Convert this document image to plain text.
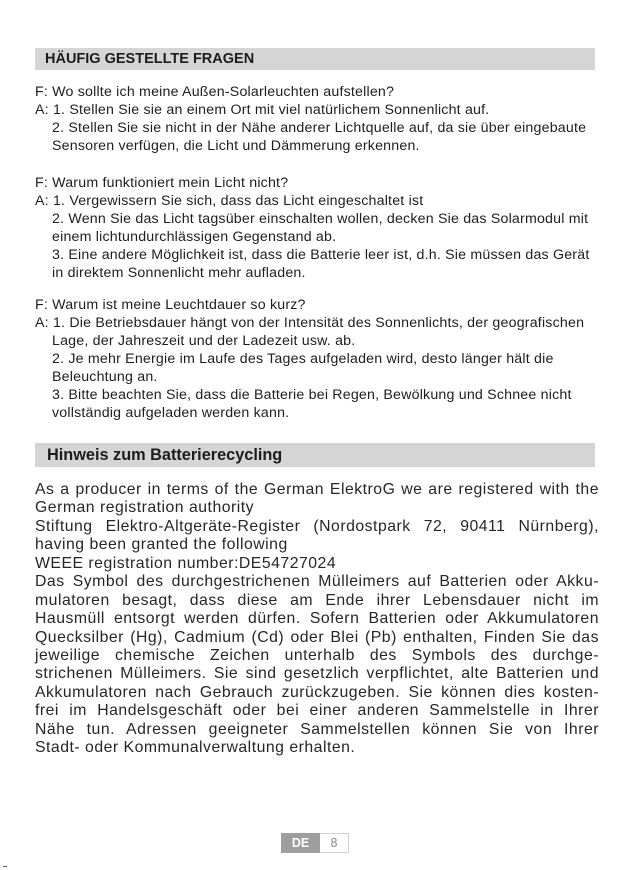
HÄUFIG GESTELLTE FRAGEN
F: Wo sollte ich meine Außen-Solarleuchten aufstellen?
A: 1. Stellen Sie sie an einem Ort mit viel natürlichem Sonnenlicht auf.
2. Stellen Sie sie nicht in der Nähe anderer Lichtquelle auf, da sie über eingebaute
Sensoren verfügen, die Licht und Dämmerung erkennen.
F: Warum funktioniert mein Licht nicht?
A: 1. Vergewissern Sie sich, dass das Licht eingeschaltet ist
2. Wenn Sie das Licht tagsüber einschalten wollen, decken Sie das Solarmodul mit
einem lichtundurchlässigen Gegenstand ab.
3. Eine andere Möglichkeit ist, dass die Batterie leer ist, d.h. Sie müssen das Gerät
in direktem Sonnenlicht mehr aufladen.
F: Warum ist meine Leuchtdauer so kurz?
A: 1. Die Betriebsdauer hängt von der Intensität des Sonnenlichts, der geografischen
Lage, der Jahreszeit und der Ladezeit usw. ab.
2. Je mehr Energie im Laufe des Tages aufgeladen wird, desto länger hält die
Beleuchtung an.
3. Bitte beachten Sie, dass die Batterie bei Regen, Bewölkung und Schnee nicht
vollständig aufgeladen werden kann.
Hinweis zum Batterierecycling
As a producer in terms of the German ElektroG we are registered with the
German registration authority
Stiftung Elektro-Altgeräte-Register (Nordostpark 72, 90411 Nürnberg),
having been granted the following
WEEE registration number:DE54727024
Das Symbol des durchgestrichenen Mülleimers auf Batterien oder Akku-
mulatoren besagt, dass diese am Ende ihrer Lebensdauer nicht im
Hausmüll entsorgt werden dürfen. Sofern Batterien oder Akkumulatoren
Quecksilber (Hg), Cadmium (Cd) oder Blei (Pb) enthalten, Finden Sie das
jeweilige chemische Zeichen unterhalb des Symbols des durchge-
strichenen Mülleimers. Sie sind gesetzlich verpflichtet, alte Batterien und
Akkumulatoren nach Gebrauch zurückzugeben. Sie können dies kosten-
frei im Handelsgeschäft oder bei einer anderen Sammelstelle in Ihrer
Nähe tun. Adressen geeigneter Sammelstellen können Sie von Ihrer
Stadt- oder Kommunalverwaltung erhalten.
DE	8
